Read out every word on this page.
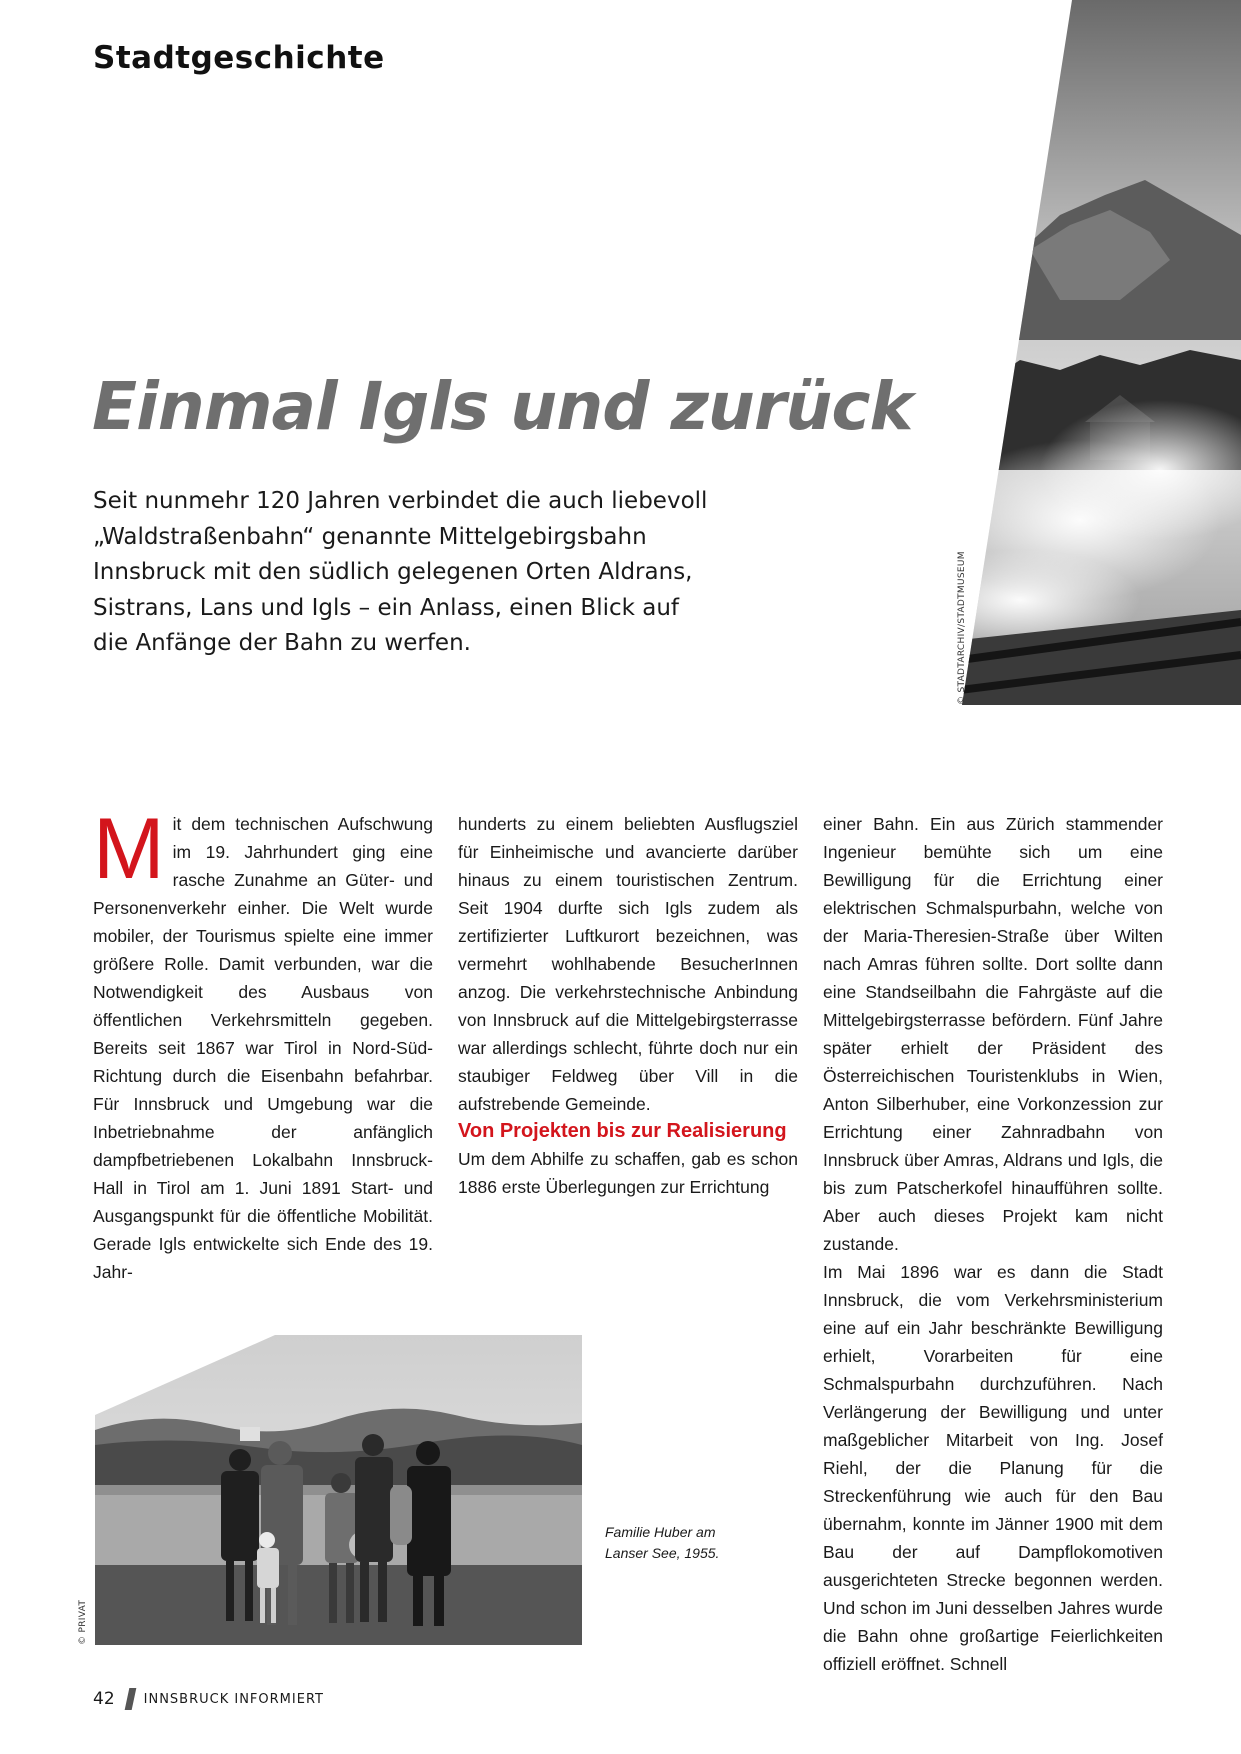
© STADTARCHIV/STADTMUSEUM
Stadtgeschichte
Einmal Igls und zurück

Seit nunmehr 120 Jahren verbindet die auch liebevoll „Waldstraßenbahn“ genannte Mittelgebirgsbahn Innsbruck mit den südlich gelegenen Orten Aldrans, Sistrans, Lans und Igls – ein Anlass, einen Blick auf die Anfänge der Bahn zu werfen.

M it dem technischen Aufschwung im 19. Jahrhundert ging eine rasche Zunahme an Güter- und Personenverkehr einher. Die Welt wurde mobiler, der Tourismus spielte eine immer größere Rolle. Damit verbunden, war die Notwendigkeit des Ausbaus von öffentlichen Verkehrsmitteln gegeben. Bereits seit 1867 war Tirol in Nord-Süd-Richtung durch die Eisenbahn befahrbar. Für Innsbruck und Umgebung war die Inbetriebnahme der anfänglich dampfbetriebenen Lokalbahn Innsbruck-Hall in Tirol am 1. Juni 1891 Start- und Ausgangspunkt für die öffentliche Mobilität. Gerade Igls entwickelte sich Ende des 19. Jahr-

hunderts zu einem beliebten Ausflugsziel für Einheimische und avancierte darüber hinaus zu einem touristischen Zentrum. Seit 1904 durfte sich Igls zudem als zertifizierter Luftkurort bezeichnen, was vermehrt wohlhabende BesucherInnen anzog. Die verkehrstechnische Anbindung von Innsbruck auf die Mittelgebirgsterrasse war allerdings schlecht, führte doch nur ein staubiger Feldweg über Vill in die aufstrebende Gemeinde.

Von Projekten bis zur Realisierung

Um dem Abhilfe zu schaffen, gab es schon 1886 erste Überlegungen zur Errichtung

einer Bahn. Ein aus Zürich stammender Ingenieur bemühte sich um eine Bewilligung für die Errichtung einer elektrischen Schmalspurbahn, welche von der Maria-Theresien-Straße über Wilten nach Amras führen sollte. Dort sollte dann eine Standseilbahn die Fahrgäste auf die Mittelgebirgsterrasse befördern. Fünf Jahre später erhielt der Präsident des Österreichischen Touristenklubs in Wien, Anton Silberhuber, eine Vorkonzession zur Errichtung einer Zahnradbahn von Innsbruck über Amras, Aldrans und Igls, die bis zum Patscherkofel hinaufführen sollte. Aber auch dieses Projekt kam nicht zustande.

Im Mai 1896 war es dann die Stadt Innsbruck, die vom Verkehrsministerium eine auf ein Jahr beschränkte Bewilligung erhielt, Vorarbeiten für eine Schmalspurbahn durchzuführen. Nach Verlängerung der Bewilligung und unter maßgeblicher Mitarbeit von Ing. Josef Riehl, der die Planung für die Streckenführung wie auch für den Bau übernahm, konnte im Jänner 1900 mit dem Bau der auf Dampflokomotiven ausgerichteten Strecke begonnen werden. Und schon im Juni desselben Jahres wurde die Bahn ohne großartige Feierlichkeiten offiziell eröffnet. Schnell

© PRIVAT

Familie Huber am Lanser See, 1955.

42 INNSBRUCK INFORMIERT
